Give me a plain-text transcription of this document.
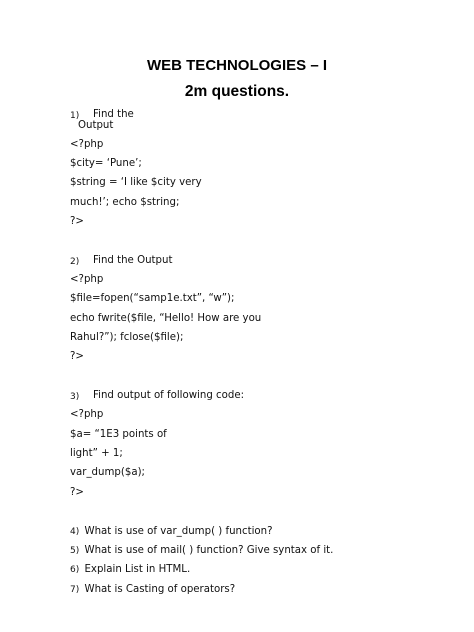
WEB TECHNOLOGIES – I
2m questions.
1) Find the
Output
<?php
$city= ‘Pune’;
$string = ‘I like $city very
much!’; echo $string;
?>
2) Find the Output
<?php
$file=fopen(“samp1e.txt”, “w”);
echo fwrite($file, “Hello! How are you
Rahul?”); fclose($file);
?>
3) Find output of following code:
<?php
$a= “1E3 points of
light” + 1;
var_dump($a);
?>
4) What is use of var_dump( ) function?
5) What is use of mail( ) function? Give syntax of it.
6) Explain List in HTML.
7) What is Casting of operators?
